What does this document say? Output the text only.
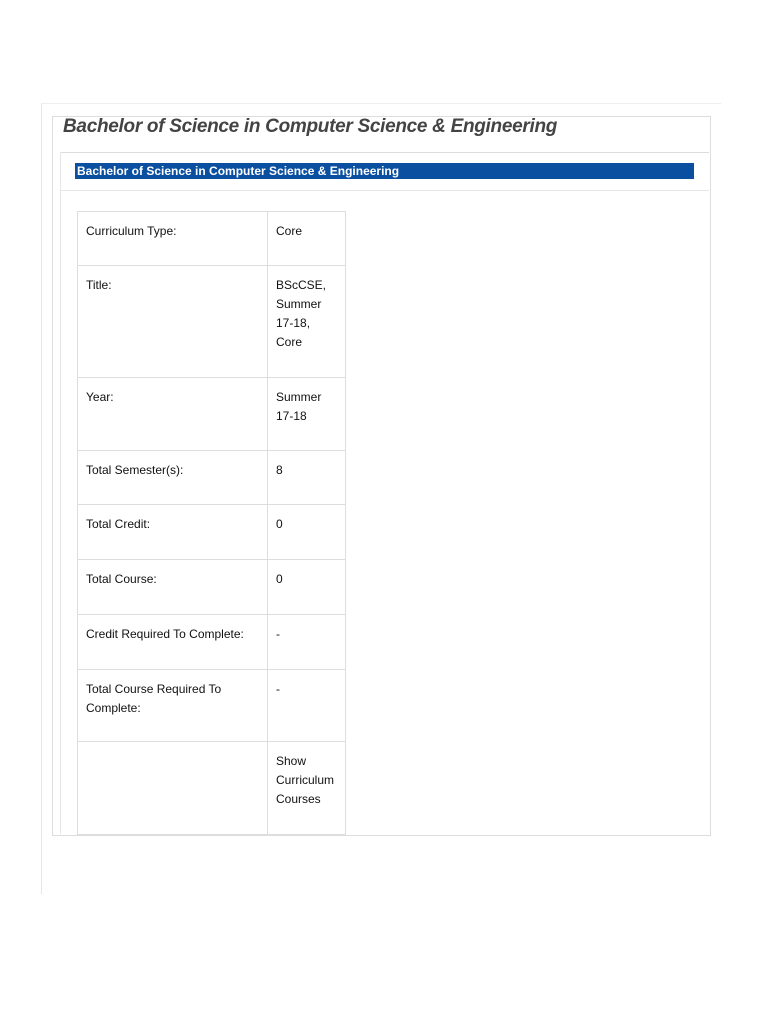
Bachelor of Science in Computer Science & Engineering
Bachelor of Science in Computer Science & Engineering
Curriculum Type:	Core
Title:	BScCSE, Summer 17-18, Core
Year:	Summer 17-18
Total Semester(s):	8
Total Credit:	0
Total Course:	0
Credit Required To Complete:	-
Total Course Required To Complete:	-
	Show Curriculum Courses
